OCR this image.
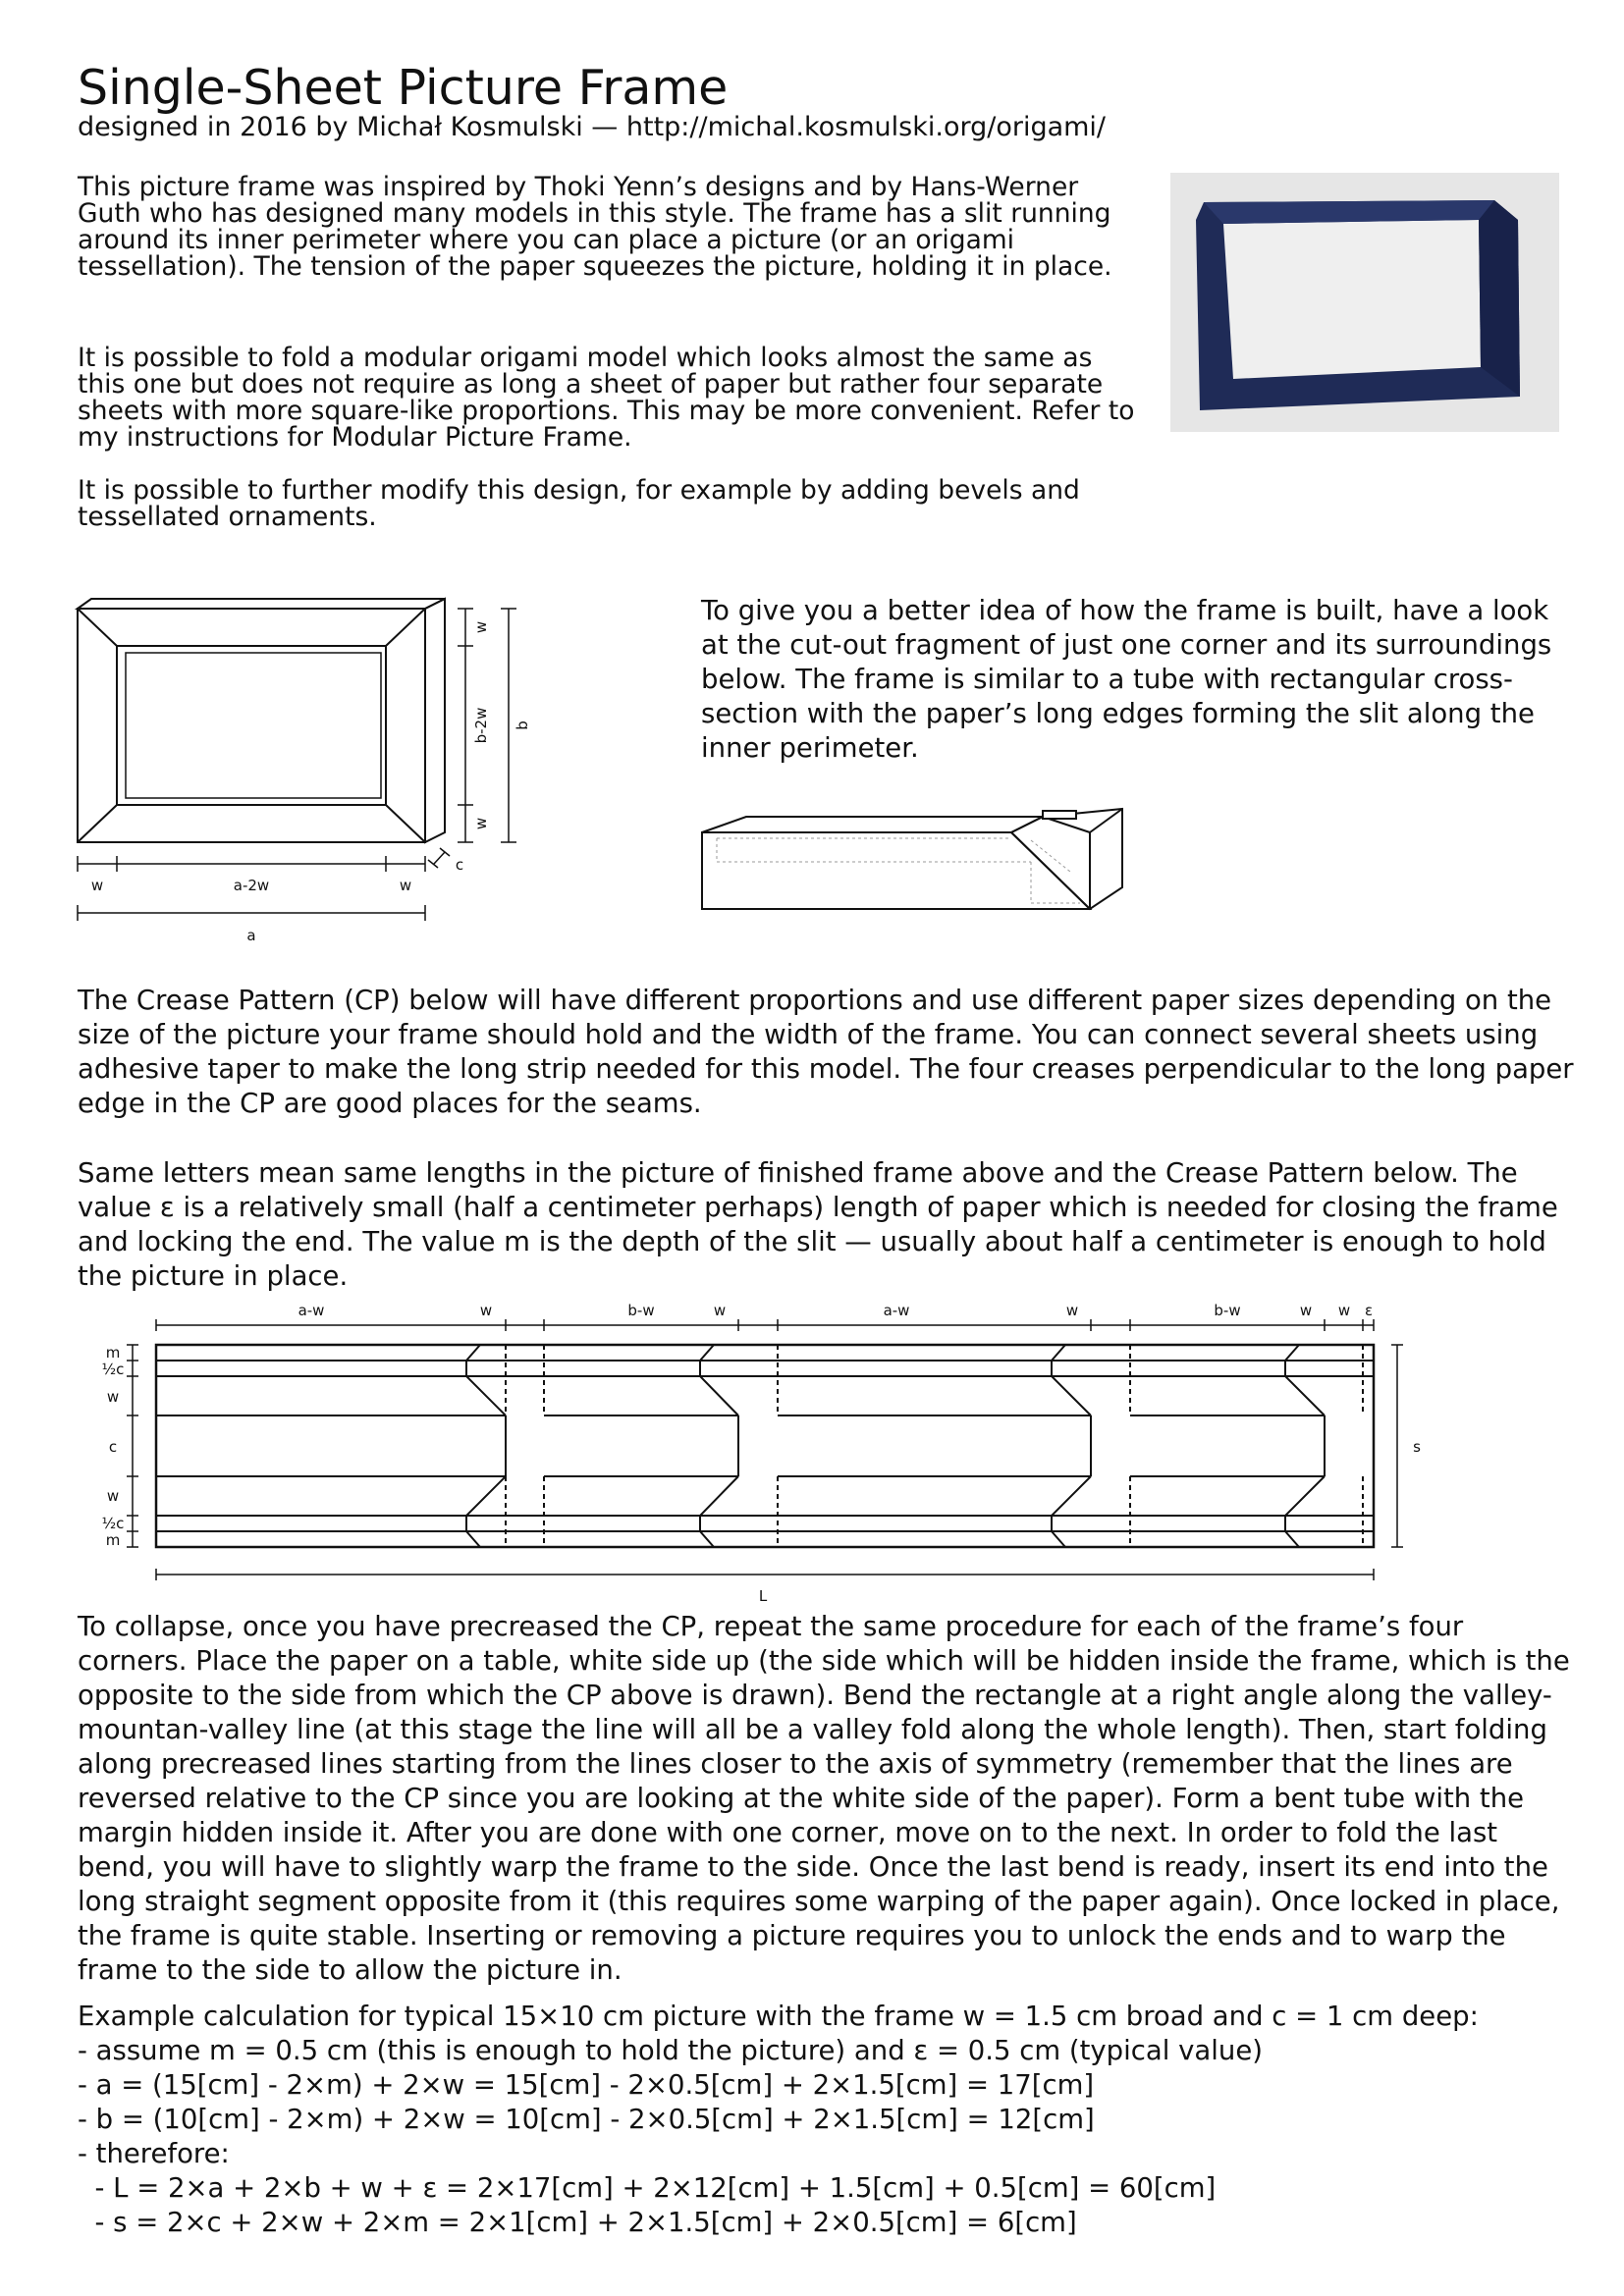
Single-Sheet Picture Frame
designed in 2016 by Michał Kosmulski — http://michal.kosmulski.org/origami/

This picture frame was inspired by Thoki Yenn’s designs and by Hans-Werner Guth who has designed many models in this style. The frame has a slit running around its inner perimeter where you can place a picture (or an origami tessellation). The tension of the paper squeezes the picture, holding it in place.

It is possible to fold a modular origami model which looks almost the same as this one but does not require as long a sheet of paper but rather four separate sheets with more square-like proportions. This may be more convenient. Refer to my instructions for Modular Picture Frame.

It is possible to further modify this design, for example by adding bevels and tessellated ornaments.

w	a-2w	w
a
w
b-2w
w
b
c

To give you a better idea of how the frame is built, have a look at the cut-out fragment of just one corner and its surroundings below. The frame is similar to a tube with rectangular cross-section with the paper’s long edges forming the slit along the inner perimeter.

The Crease Pattern (CP) below will have different proportions and use different paper sizes depending on the size of the picture your frame should hold and the width of the frame. You can connect several sheets using adhesive taper to make the long strip needed for this model. The four creases perpendicular to the long paper edge in the CP are good places for the seams.

Same letters mean same lengths in the picture of finished frame above and the Crease Pattern below. The value ε is a relatively small (half a centimeter perhaps) length of paper which is needed for closing the frame and locking the end. The value m is the depth of the slit — usually about half a centimeter is enough to hold the picture in place.

a-w	w	b-w	w	a-w	w	b-w	w w ε
m
½c
w
c
w
½c
m
s
L

To collapse, once you have precreased the CP, repeat the same procedure for each of the frame’s four corners. Place the paper on a table, white side up (the side which will be hidden inside the frame, which is the opposite to the side from which the CP above is drawn). Bend the rectangle at a right angle along the valley-mountan-valley line (at this stage the line will all be a valley fold along the whole length). Then, start folding along precreased lines starting from the lines closer to the axis of symmetry (remember that the lines are reversed relative to the CP since you are looking at the white side of the paper). Form a bent tube with the margin hidden inside it. After you are done with one corner, move on to the next. In order to fold the last bend, you will have to slightly warp the frame to the side. Once the last bend is ready, insert its end into the long straight segment opposite from it (this requires some warping of the paper again). Once locked in place, the frame is quite stable. Inserting or removing a picture requires you to unlock the ends and to warp the frame to the side to allow the picture in.

Example calculation for typical 15×10 cm picture with the frame w = 1.5 cm broad and c = 1 cm deep:
- assume m = 0.5 cm (this is enough to hold the picture) and ε = 0.5 cm (typical value)
- a = (15[cm] - 2×m) + 2×w = 15[cm] - 2×0.5[cm] + 2×1.5[cm] = 17[cm]
- b = (10[cm] - 2×m) + 2×w = 10[cm] - 2×0.5[cm] + 2×1.5[cm] = 12[cm]
- therefore:
- L = 2×a + 2×b + w + ε = 2×17[cm] + 2×12[cm] + 1.5[cm] + 0.5[cm] = 60[cm]
- s = 2×c + 2×w + 2×m = 2×1[cm] + 2×1.5[cm] + 2×0.5[cm] = 6[cm]
